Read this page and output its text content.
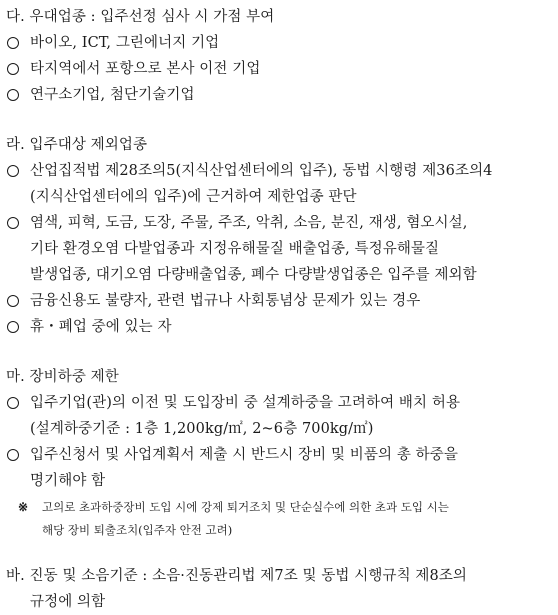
다. 우대업종 : 입주선정 심사 시 가점 부여
바이오, ICT, 그린에너지 기업
타지역에서 포항으로 본사 이전 기업
연구소기업, 첨단기술기업
라. 입주대상 제외업종
산업집적법 제28조의5(지식산업센터에의 입주), 동법 시행령 제36조의4
(지식산업센터에의 입주)에 근거하여 제한업종 판단
염색, 피혁, 도금, 도장, 주물, 주조, 악취, 소음, 분진, 재생, 혐오시설,
기타 환경오염 다발업종과 지정유해물질 배출업종, 특정유해물질
발생업종, 대기오염 다량배출업종, 폐수 다량발생업종은 입주를 제외함
금융신용도 불량자, 관련 법규나 사회통념상 문제가 있는 경우
휴・폐업 중에 있는 자
마. 장비하중 제한
입주기업(관)의 이전 및 도입장비 중 설계하중을 고려하여 배치 허용
(설계하중기준 : 1층 1,200kg/㎡, 2~6층 700kg/㎡)
입주신청서 및 사업계획서 제출 시 반드시 장비 및 비품의 총 하중을
명기해야 함
※ 고의로 초과하중장비 도입 시에 강제 퇴거조치 및 단순실수에 의한 초과 도입 시는
해당 장비 퇴출조치(입주자 안전 고려)
바. 진동 및 소음기준 : 소음·진동관리법 제7조 및 동법 시행규칙 제8조의
규정에 의함
